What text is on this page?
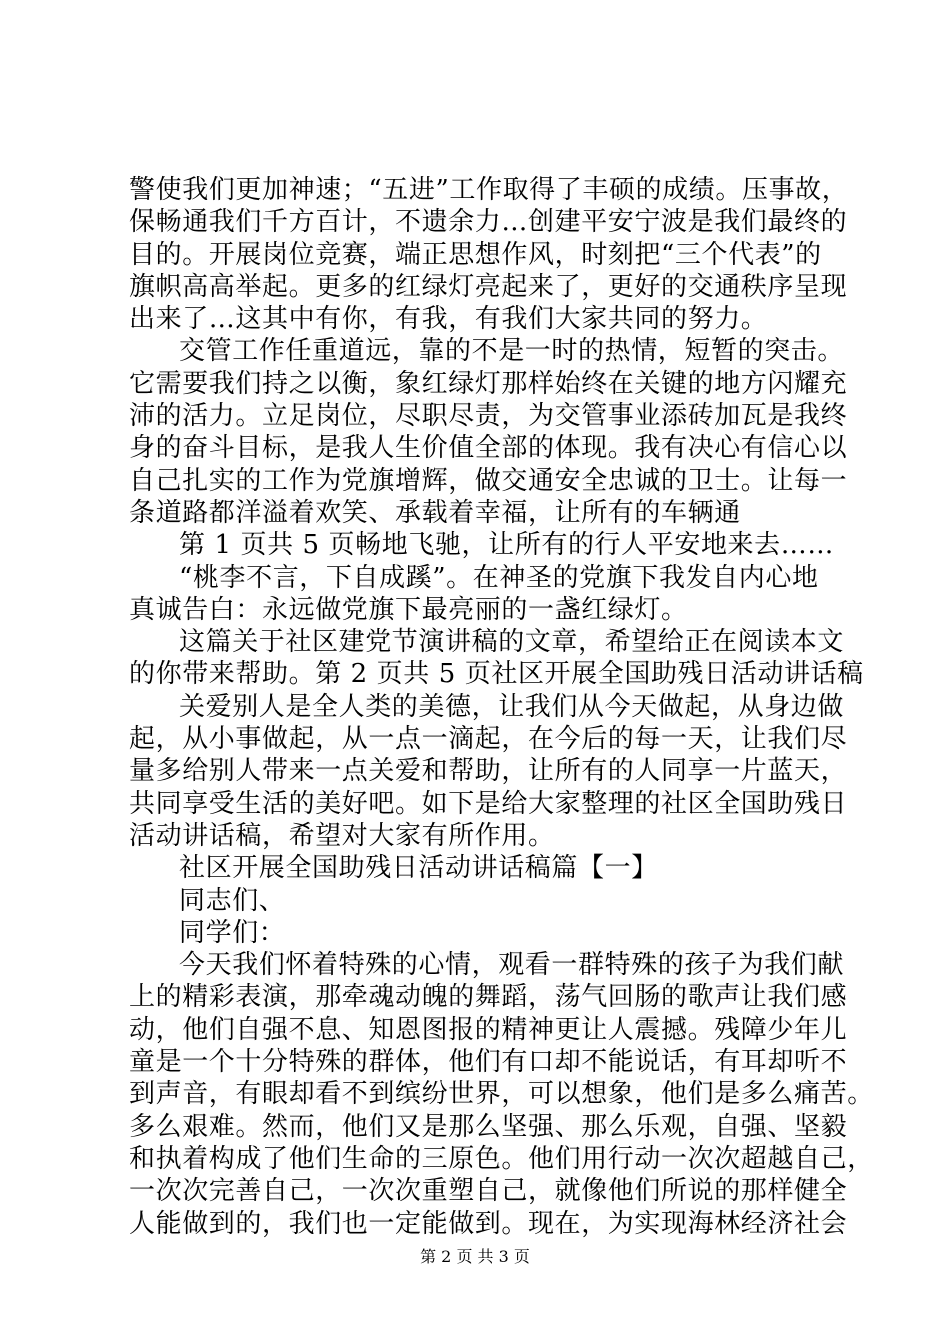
警使我们更加神速；“五进”工作取得了丰硕的成绩。压事故，
保畅通我们千方百计，不遗余力…创建平安宁波是我们最终的
目的。开展岗位竞赛，端正思想作风，时刻把“三个代表”的
旗帜高高举起。更多的红绿灯亮起来了，更好的交通秩序呈现
出来了…这其中有你，有我，有我们大家共同的努力。
交管工作任重道远，靠的不是一时的热情，短暂的突击。
它需要我们持之以衡，象红绿灯那样始终在关键的地方闪耀充
沛的活力。立足岗位，尽职尽责，为交管事业添砖加瓦是我终
身的奋斗目标，是我人生价值全部的体现。我有决心有信心以
自己扎实的工作为党旗增辉，做交通安全忠诚的卫士。让每一
条道路都洋溢着欢笑、承载着幸福，让所有的车辆通
第 1 页共 5 页畅地飞驰，让所有的行人平安地来去……
“桃李不言，下自成蹊”。在神圣的党旗下我发自内心地
真诚告白：永远做党旗下最亮丽的一盏红绿灯。
这篇关于社区建党节演讲稿的文章，希望给正在阅读本文
的你带来帮助。第 2 页共 5 页社区开展全国助残日活动讲话稿
关爱别人是全人类的美德，让我们从今天做起，从身边做
起，从小事做起，从一点一滴起，在今后的每一天，让我们尽
量多给别人带来一点关爱和帮助，让所有的人同享一片蓝天，
共同享受生活的美好吧。如下是给大家整理的社区全国助残日
活动讲话稿，希望对大家有所作用。
社区开展全国助残日活动讲话稿篇【一】
同志们、
同学们：
今天我们怀着特殊的心情，观看一群特殊的孩子为我们献
上的精彩表演，那牵魂动魄的舞蹈，荡气回肠的歌声让我们感
动，他们自强不息、知恩图报的精神更让人震撼。残障少年儿
童是一个十分特殊的群体，他们有口却不能说话，有耳却听不
到声音，有眼却看不到缤纷世界，可以想象，他们是多么痛苦。
多么艰难。然而，他们又是那么坚强、那么乐观，自强、坚毅
和执着构成了他们生命的三原色。他们用行动一次次超越自己，
一次次完善自己，一次次重塑自己，就像他们所说的那样健全
人能做到的，我们也一定能做到。现在，为实现海林经济社会
第 2 页 共 3 页
